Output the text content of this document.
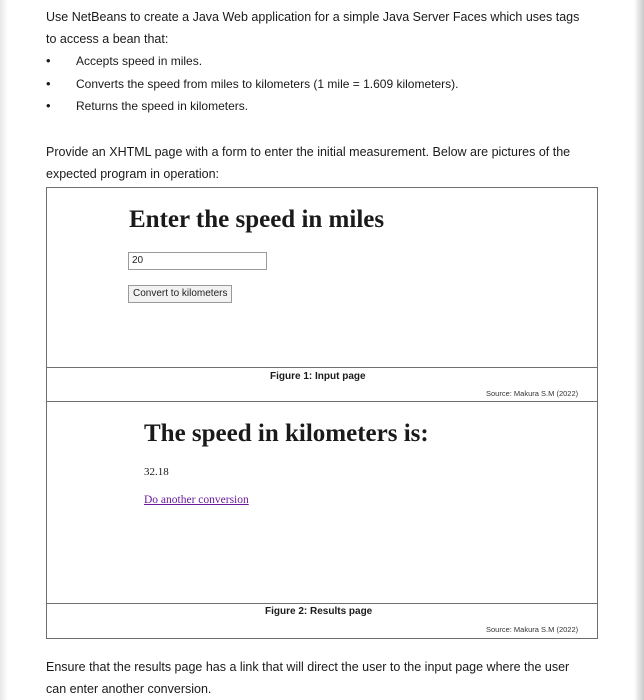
Use NetBeans to create a Java Web application for a simple Java Server Faces which uses tags
to access a bean that:

• Accepts speed in miles.
• Converts the speed from miles to kilometers (1 mile = 1.609 kilometers).
• Returns the speed in kilometers.

Provide an XHTML page with a form to enter the initial measurement. Below are pictures of the
expected program in operation:

Enter the speed in miles
20
Convert to kilometers
Figure 1: Input page
Source: Makura S.M (2022)
The speed in kilometers is:
32.18
Do another conversion
Figure 2: Results page
Source: Makura S.M (2022)

Ensure that the results page has a link that will direct the user to the input page where the user
can enter another conversion.
